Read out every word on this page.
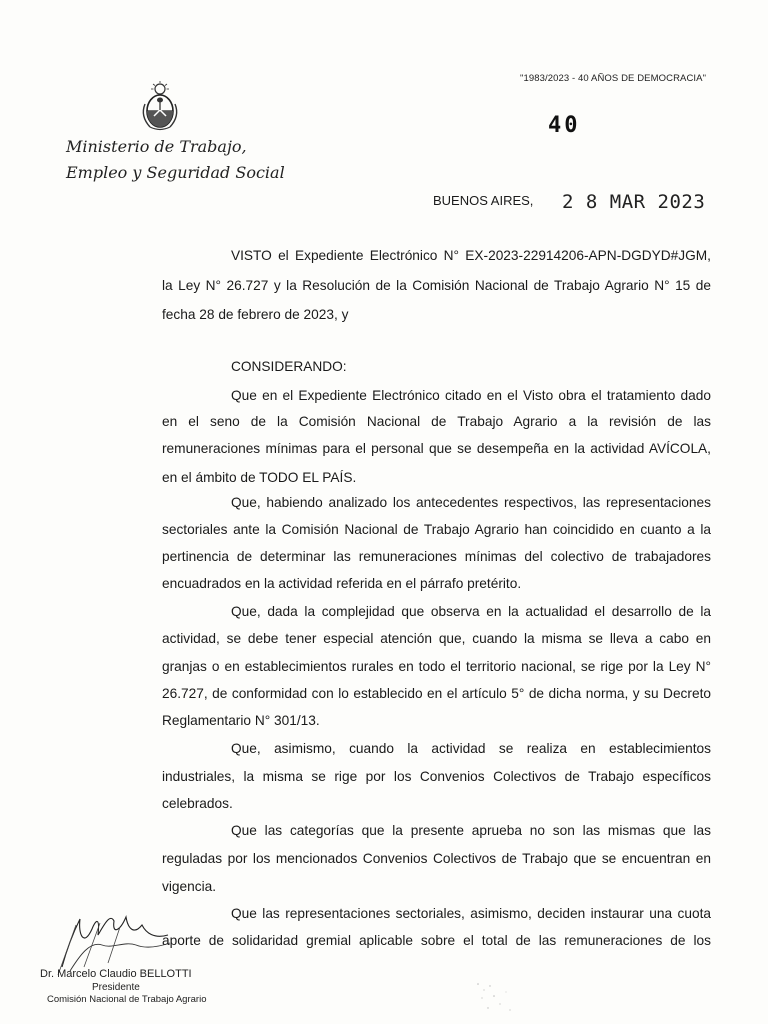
Ministerio de Trabajo,
Empleo y Seguridad Social
"1983/2023 - 40 AÑOS DE DEMOCRACIA"
40
BUENOS AIRES, 2 8 MAR 2023
VISTO el Expediente Electrónico N° EX-2023-22914206-APN-DGDYD#JGM,
la Ley N° 26.727 y la Resolución de la Comisión Nacional de Trabajo Agrario N° 15 de
fecha 28 de febrero de 2023, y
CONSIDERANDO:
Que en el Expediente Electrónico citado en el Visto obra el tratamiento dado
en el seno de la Comisión Nacional de Trabajo Agrario a la revisión de las
remuneraciones mínimas para el personal que se desempeña en la actividad AVÍCOLA,
en el ámbito de TODO EL PAÍS.
Que, habiendo analizado los antecedentes respectivos, las representaciones
sectoriales ante la Comisión Nacional de Trabajo Agrario han coincidido en cuanto a la
pertinencia de determinar las remuneraciones mínimas del colectivo de trabajadores
encuadrados en la actividad referida en el párrafo pretérito.
Que, dada la complejidad que observa en la actualidad el desarrollo de la
actividad, se debe tener especial atención que, cuando la misma se lleva a cabo en
granjas o en establecimientos rurales en todo el territorio nacional, se rige por la Ley N°
26.727, de conformidad con lo establecido en el artículo 5° de dicha norma, y su Decreto
Reglamentario N° 301/13.
Que, asimismo, cuando la actividad se realiza en establecimientos
industriales, la misma se rige por los Convenios Colectivos de Trabajo específicos
celebrados.
Que las categorías que la presente aprueba no son las mismas que las
reguladas por los mencionados Convenios Colectivos de Trabajo que se encuentran en
vigencia.
Que las representaciones sectoriales, asimismo, deciden instaurar una cuota
aporte de solidaridad gremial aplicable sobre el total de las remuneraciones de los
Dr. Marcelo Claudio BELLOTTI
Presidente
Comisión Nacional de Trabajo Agrario
